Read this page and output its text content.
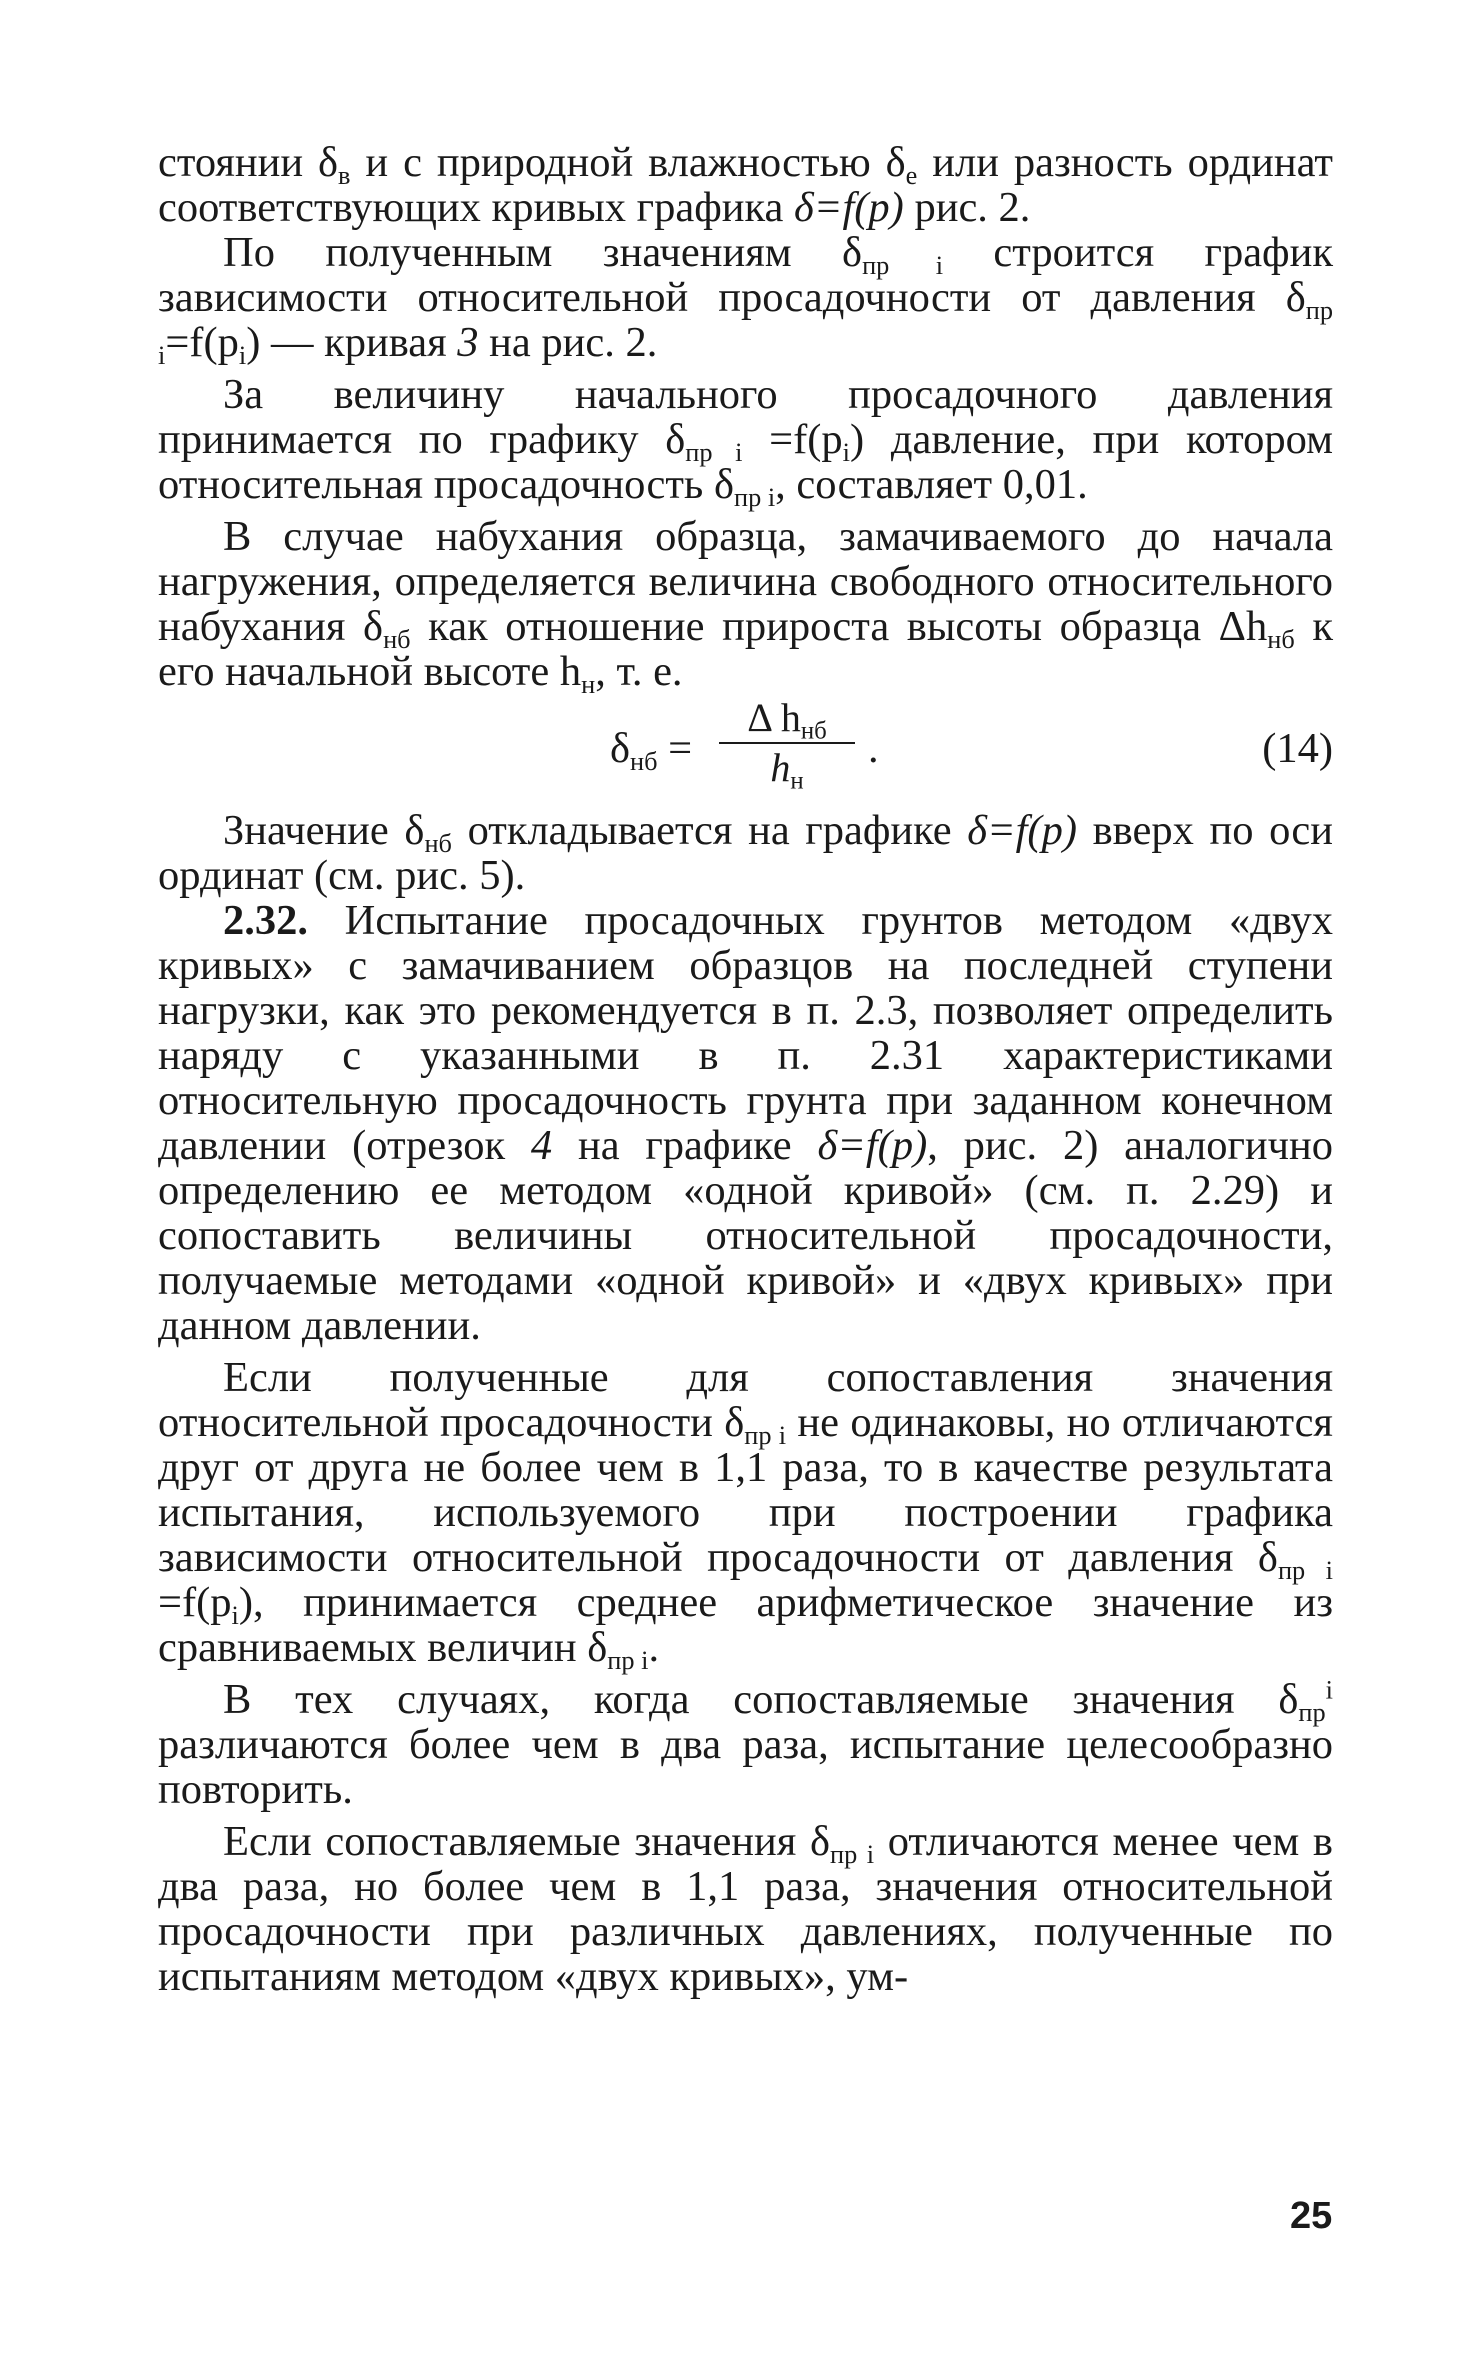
стоянии $\delta_в$ и с природной влажностью $\delta_е$ или разность ординат соответствующих кривых графика δ=f(p) рис. 2.

По полученным значениям $\delta_{пр i}$ строится график зависимости относительной просадочности от давления $\delta_{пр i}=f(p_i)$ — кривая 3 на рис. 2.

За величину начального просадочного давления принимается по графику $\delta_{пр i} =f(p_i)$ давление, при котором относительная просадочность $\delta_{пр i}$, составляет 0,01.

В случае набухания образца, замачиваемого до начала нагружения, определяется величина свободного относительного набухания $\delta_{нб}$ как отношение прироста высоты образца $\Delta h_{нб}$ к его начальной высоте $h_н$, т. е.

$\delta_{нб}$ =
Δ $h_{нб}$
$h_н$
.	(14)

Значение $\delta_{нб}$ откладывается на графике δ=f(p) вверх по оси ординат (см. рис. 5).

2.32. Испытание просадочных грунтов методом «двух кривых» с замачиванием образцов на последней ступени нагрузки, как это рекомендуется в п. 2.3, позволяет определить наряду с указанными в п. 2.31 характеристиками относительную просадочность грунта при заданном конечном давлении (отрезок 4 на графике δ=f(p), рис. 2) аналогично определению ее методом «одной кривой» (см. п. 2.29) и сопоставить величины относительной просадочности, получаемые методами «одной кривой» и «двух кривых» при данном давлении.

Если полученные для сопоставления значения относительной просадочности $\delta_{пр i}$ не одинаковы, но отличаются друг от друга не более чем в 1,1 раза, то в качестве результата испытания, используемого при построении графика зависимости относительной просадочности от давления $\delta_{пр i} =f(p_i)$, принимается среднее арифметическое значение из сравниваемых величин $\delta_{пр i}$.

В тех случаях, когда сопоставляемые значения $\delta_{пр}^i$ различаются более чем в два раза, испытание целесообразно повторить.

Если сопоставляемые значения $\delta_{пр i}$ отличаются менее чем в два раза, но более чем в 1,1 раза, значения относительной просадочности при различных давлениях, полученные по испытаниям методом «двух кривых», ум-

25
